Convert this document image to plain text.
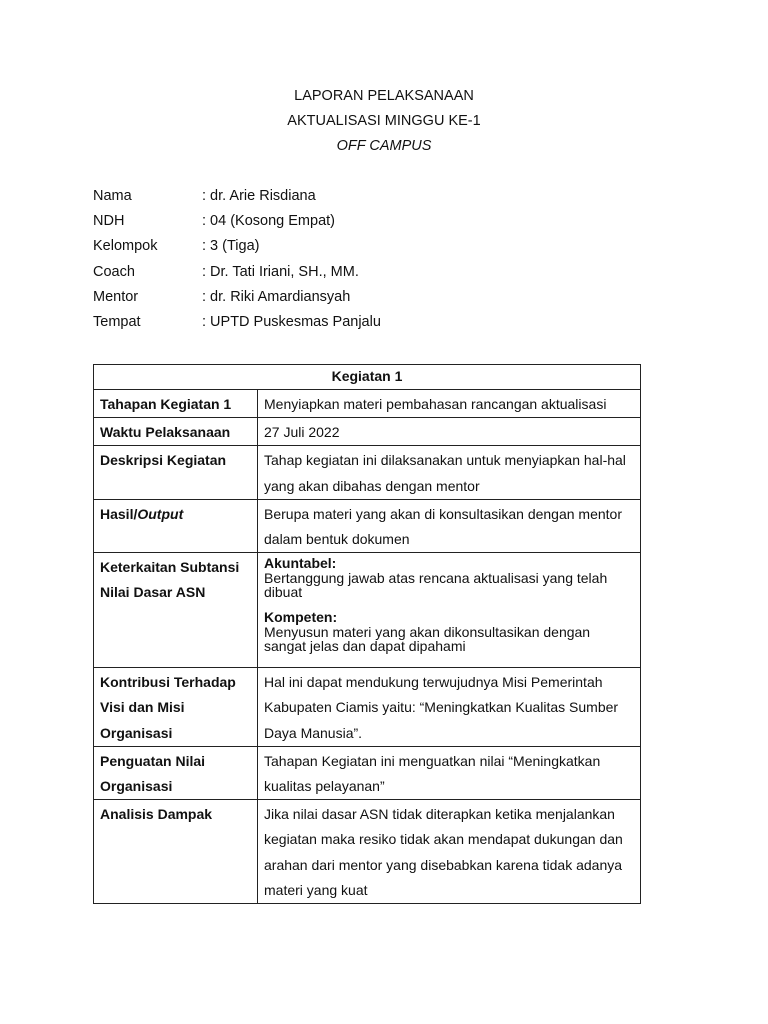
LAPORAN PELAKSANAAN
AKTUALISASI MINGGU KE-1
OFF CAMPUS
Nama	: dr. Arie Risdiana
NDH	: 04 (Kosong Empat)
Kelompok	: 3 (Tiga)
Coach	: Dr. Tati Iriani, SH., MM.
Mentor	: dr. Riki Amardiansyah
Tempat	: UPTD Puskesmas Panjalu
Kegiatan 1	
Tahapan Kegiatan 1	Menyiapkan materi pembahasan rancangan aktualisasi
Waktu Pelaksanaan	27 Juli 2022
Deskripsi Kegiatan	Tahap kegiatan ini dilaksanakan untuk menyiapkan hal-hal yang akan dibahas dengan mentor
Hasil/Output	Berupa materi yang akan di konsultasikan dengan mentor dalam bentuk dokumen
Keterkaitan Subtansi Nilai Dasar ASN	Akuntabel:
Bertanggung jawab atas rencana aktualisasi yang telah dibuat
Kompeten:
Menyusun materi yang akan dikonsultasikan dengan sangat jelas dan dapat dipahami

Kontribusi Terhadap Visi dan Misi Organisasi	Hal ini dapat mendukung terwujudnya Misi Pemerintah Kabupaten Ciamis yaitu: “Meningkatkan Kualitas Sumber Daya Manusia”.
Penguatan Nilai Organisasi	Tahapan Kegiatan ini menguatkan nilai “Meningkatkan kualitas pelayanan”
Analisis Dampak	Jika nilai dasar ASN tidak diterapkan ketika menjalankan kegiatan maka resiko tidak akan mendapat dukungan dan arahan dari mentor yang disebabkan karena tidak adanya materi yang kuat
